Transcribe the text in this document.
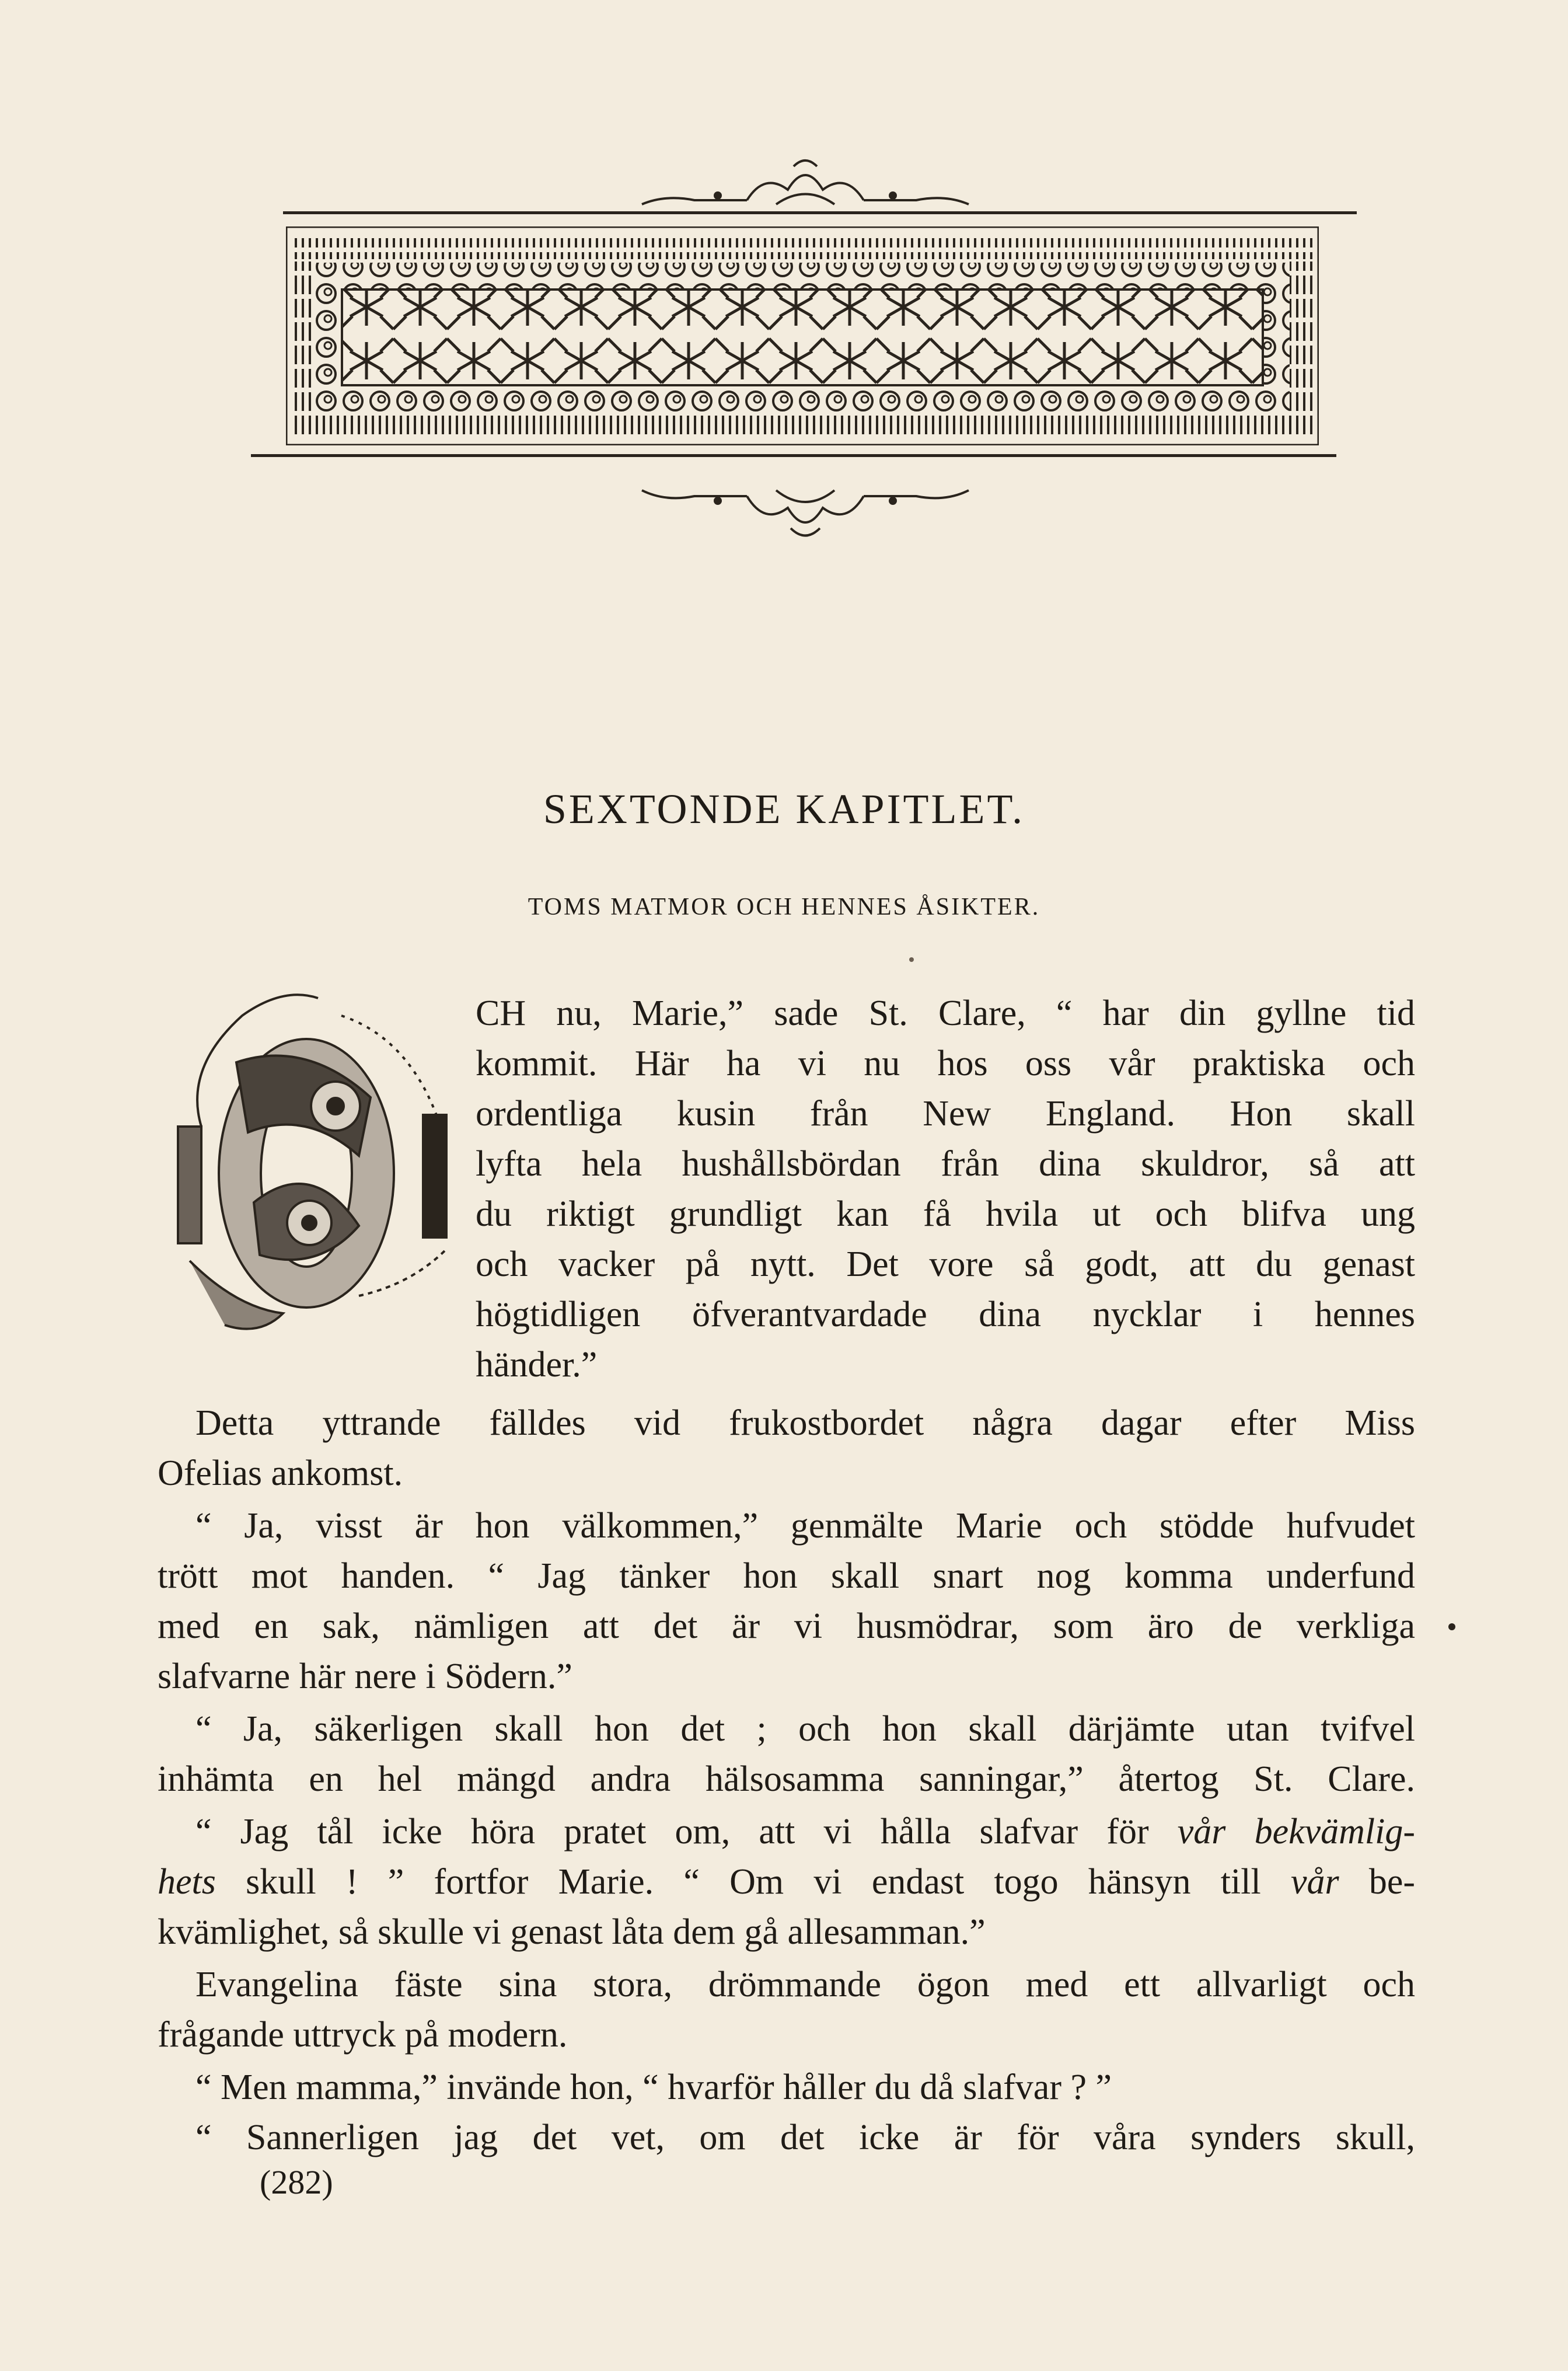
SEXTONDE KAPITLET.
TOMS MATMOR OCH HENNES ÅSIKTER.
CH nu, Marie,” sade St. Clare, “ har din gyllne tid
kommit. Här ha vi nu hos oss vår praktiska och
ordentliga kusin från New England. Hon skall
lyfta hela hushållsbördan från dina skuldror, så att
du riktigt grundligt kan få hvila ut och blifva ung
och vacker på nytt. Det vore så godt, att du genast
högtidligen öfverantvardade dina nycklar i hennes
händer.”
Detta yttrande fälldes vid frukostbordet några dagar efter Miss
Ofelias ankomst.
“ Ja, visst är hon välkommen,” genmälte Marie och stödde hufvudet
trött mot handen. “ Jag tänker hon skall snart nog komma underfund
med en sak, nämligen att det är vi husmödrar, som äro de verkliga
slafvarne här nere i Södern.”
“ Ja, säkerligen skall hon det ; och hon skall därjämte utan tvifvel
inhämta en hel mängd andra hälsosamma sanningar,” återtog St. Clare.
“ Jag tål icke höra pratet om, att vi hålla slafvar för vår bekvämlig-
hets skull ! ” fortfor Marie. “ Om vi endast togo hänsyn till vår be-
kvämlighet, så skulle vi genast låta dem gå allesamman.”
Evangelina fäste sina stora, drömmande ögon med ett allvarligt och
frågande uttryck på modern.
“ Men mamma,” invände hon, “ hvarför håller du då slafvar ? ”
“ Sannerligen jag det vet, om det icke är för våra synders skull,
(282)
